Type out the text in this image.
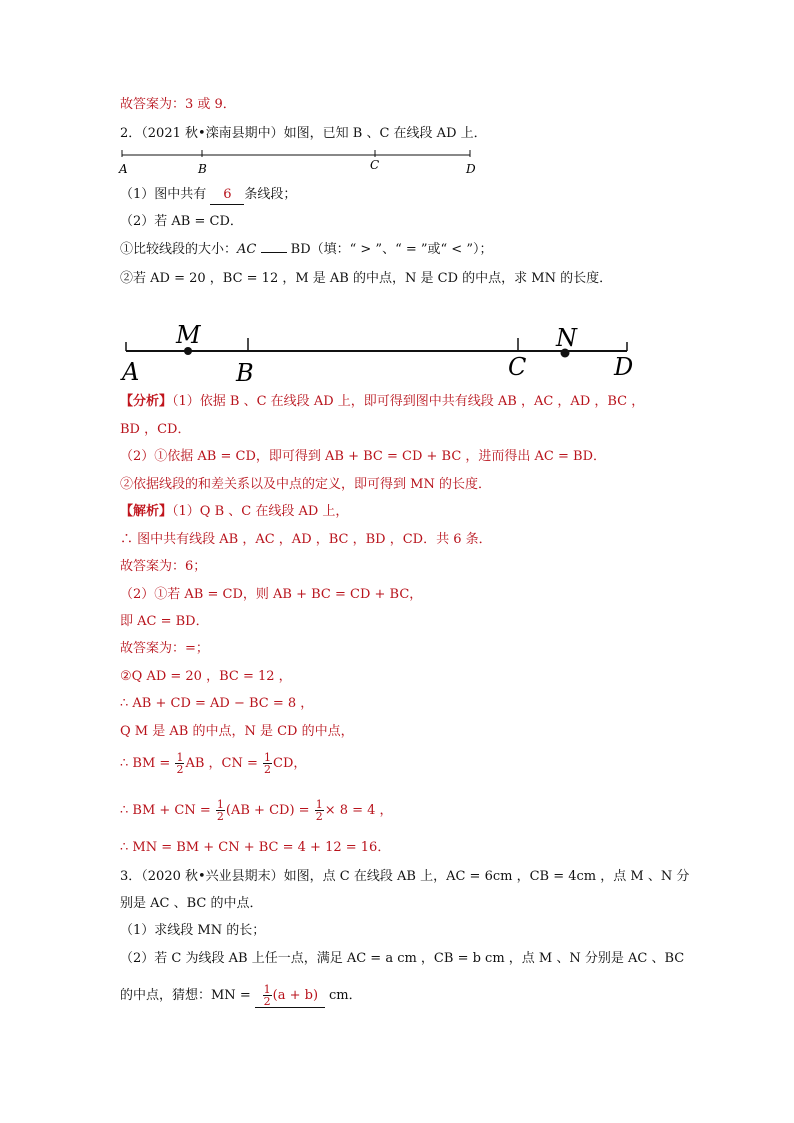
故答案为：3 或 9．
2．（2021 秋•滦南县期中）如图，已知 B 、C 在线段 AD 上．
A	B	C	D
（1）图中共有 6 条线段；
（2）若 AB = CD．
①比较线段的大小：AC	BD（填：“ > ”、“ = ”或“ < ”）；
②若 AD = 20 ，BC = 12 ，M 是 AB 的中点，N 是 CD 的中点，求 MN 的长度．
M	N
A	B	C	D
【分析】（1）依据 B 、C 在线段 AD 上，即可得到图中共有线段 AB ，AC ，AD ，BC ，
BD ，CD．
（2）①依据 AB = CD，即可得到 AB + BC = CD + BC ，进而得出 AC = BD．
②依据线段的和差关系以及中点的定义，即可得到 MN 的长度．
【解析】（1）Q B 、C 在线段 AD 上，
∴ 图中共有线段 AB ，AC ，AD ，BC ，BD ，CD．共 6 条．
故答案为：6；
（2）①若 AB = CD，则 AB + BC = CD + BC，
即 AC = BD．
故答案为：=；
②Q AD = 20 ，BC = 12 ，
∴ AB + CD = AD − BC = 8 ，
Q M 是 AB 的中点，N 是 CD 的中点，
∴ BM = $\frac{1}{2}$ AB ，CN = $\frac{1}{2}$ CD，
∴ BM + CN = $\frac{1}{2} (AB + CD) = \frac{1}{2} \times 8 = 4$ ，
∴ MN = BM + CN + BC = 4 + 12 = 16．
3．（2020 秋•兴业县期末）如图，点 C 在线段 AB 上，AC = 6cm ，CB = 4cm ，点 M 、N 分
别是 AC 、BC 的中点．
（1）求线段 MN 的长；
（2）若 C 为线段 AB 上任一点，满足 AC = a cm ，CB = b cm ，点 M 、N 分别是 AC 、BC
的中点，猜想：MN = $\frac{1}{2} (a + b)$ cm．
